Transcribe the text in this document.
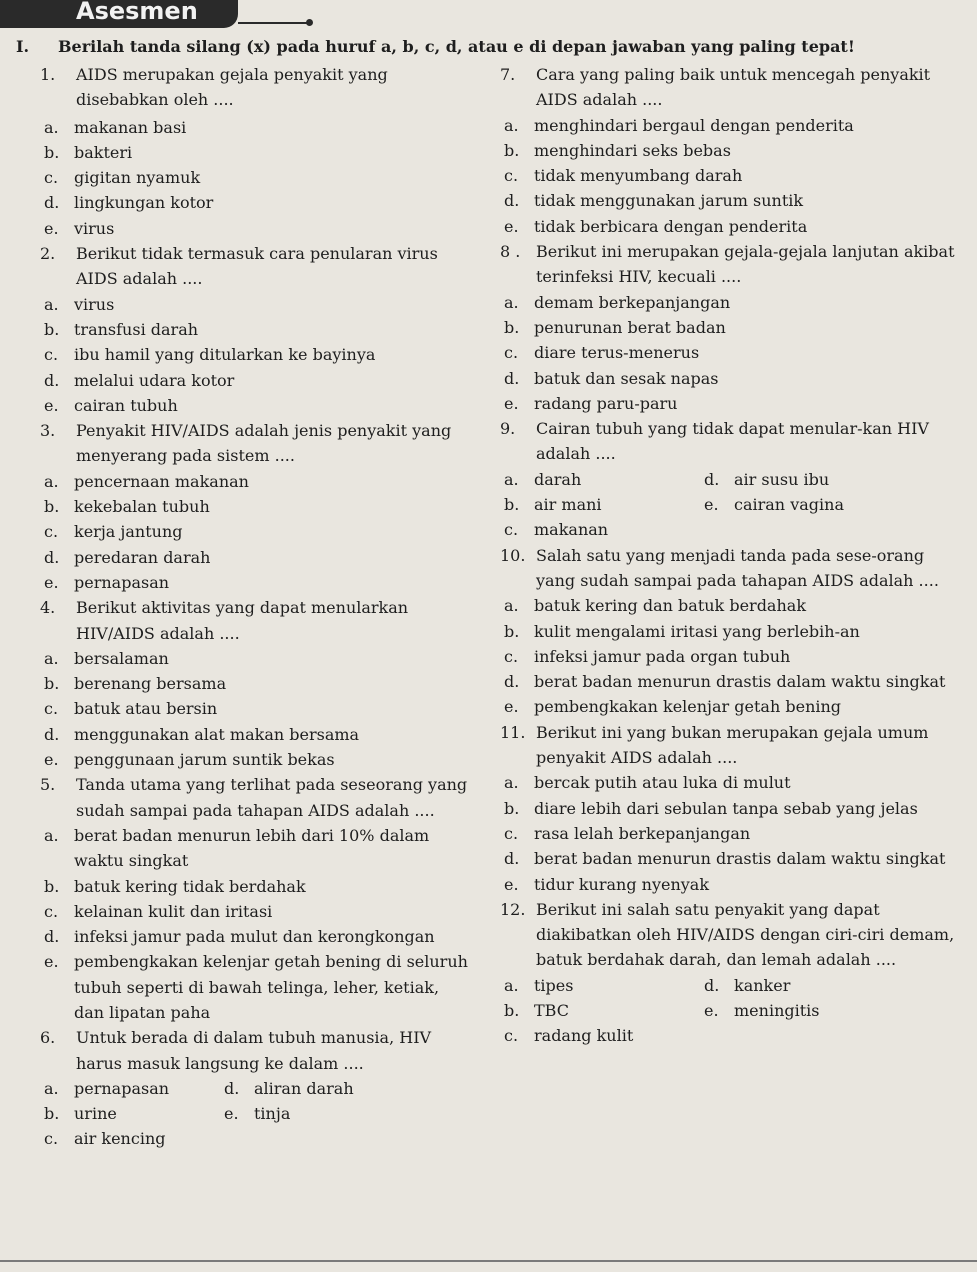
Asesmen
I. Berilah tanda silang (x) pada huruf a, b, c, d, atau e di depan jawaban yang paling tepat!
1. AIDS merupakan gejala penyakit yang disebabkan oleh ....
a. makanan basi
b. bakteri
c. gigitan nyamuk
d. lingkungan kotor
e. virus
2. Berikut tidak termasuk cara penularan virus AIDS adalah ....
a. virus
b. transfusi darah
c. ibu hamil yang ditularkan ke bayinya
d. melalui udara kotor
e. cairan tubuh
3. Penyakit HIV/AIDS adalah jenis penyakit yang menyerang pada sistem ....
a. pencernaan makanan
b. kekebalan tubuh
c. kerja jantung
d. peredaran darah
e. pernapasan
4. Berikut aktivitas yang dapat menularkan HIV/AIDS adalah ....
a. bersalaman
b. berenang bersama
c. batuk atau bersin
d. menggunakan alat makan bersama
e. penggunaan jarum suntik bekas
5. Tanda utama yang terlihat pada seseorang yang sudah sampai pada tahapan AIDS adalah ....
a. berat badan menurun lebih dari 10% dalam waktu singkat
b. batuk kering tidak berdahak
c. kelainan kulit dan iritasi
d. infeksi jamur pada mulut dan kerongkongan
e. pembengkakan kelenjar getah bening di seluruh tubuh seperti di bawah telinga, leher, ketiak, dan lipatan paha
6. Untuk berada di dalam tubuh manusia, HIV harus masuk langsung ke dalam ....
a. pernapasan	d. aliran darah
b. urine	e. tinja
c. air kencing
7. Cara yang paling baik untuk mencegah penyakit AIDS adalah ....
a. menghindari bergaul dengan penderita
b. menghindari seks bebas
c. tidak menyumbang darah
d. tidak menggunakan jarum suntik
e. tidak berbicara dengan penderita
8 . Berikut ini merupakan gejala-gejala lanjutan akibat terinfeksi HIV, kecuali ....
a. demam berkepanjangan
b. penurunan berat badan
c. diare terus-menerus
d. batuk dan sesak napas
e. radang paru-paru
9. Cairan tubuh yang tidak dapat menular-kan HIV adalah ....
a. darah	d. air susu ibu
b. air mani	e. cairan vagina
c. makanan
10. Salah satu yang menjadi tanda pada sese-orang yang sudah sampai pada tahapan AIDS adalah ....
a. batuk kering dan batuk berdahak
b. kulit mengalami iritasi yang berlebih-an
c. infeksi jamur pada organ tubuh
d. berat badan menurun drastis dalam waktu singkat
e. pembengkakan kelenjar getah bening
11. Berikut ini yang bukan merupakan gejala umum penyakit AIDS adalah ....
a. bercak putih atau luka di mulut
b. diare lebih dari sebulan tanpa sebab yang jelas
c. rasa lelah berkepanjangan
d. berat badan menurun drastis dalam waktu singkat
e. tidur kurang nyenyak
12. Berikut ini salah satu penyakit yang dapat diakibatkan oleh HIV/AIDS dengan ciri-ciri demam, batuk berdahak darah, dan lemah adalah ....
a. tipes	d. kanker
b. TBC	e. meningitis
c. radang kulit
